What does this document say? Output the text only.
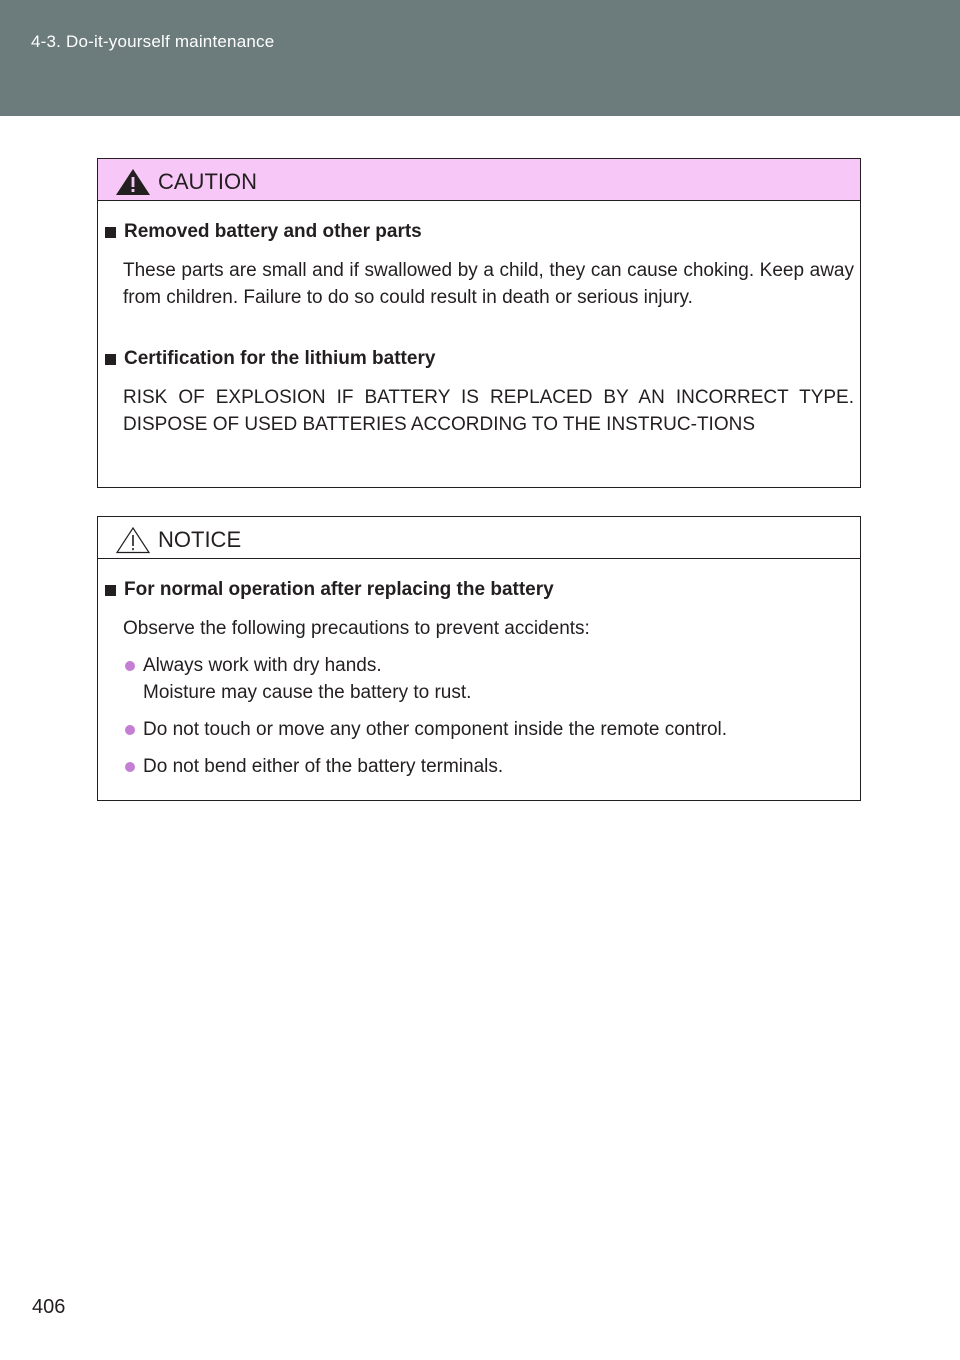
4-3. Do-it-yourself maintenance
CAUTION
Removed battery and other parts
These parts are small and if swallowed by a child, they can cause choking. Keep away from children. Failure to do so could result in death or serious injury.
Certification for the lithium battery
RISK OF EXPLOSION IF BATTERY IS REPLACED BY AN INCORRECT TYPE. DISPOSE OF USED BATTERIES ACCORDING TO THE INSTRUC-TIONS
NOTICE
For normal operation after replacing the battery
Observe the following precautions to prevent accidents:
Always work with dry hands.
Moisture may cause the battery to rust.
Do not touch or move any other component inside the remote control.
Do not bend either of the battery terminals.
406
